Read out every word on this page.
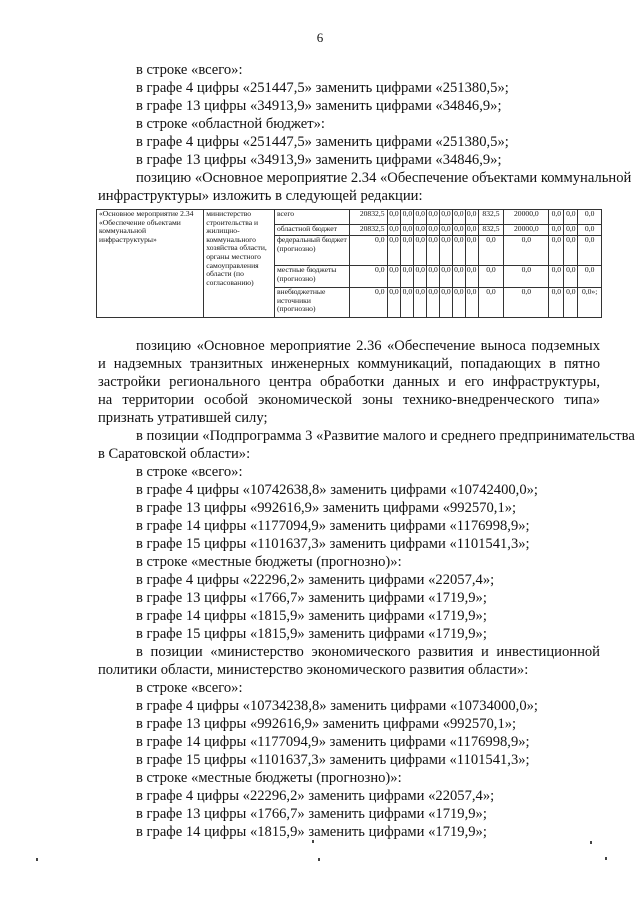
6
в строке «всего»:
в графе 4 цифры «251447,5» заменить цифрами «251380,5»;
в графе 13 цифры «34913,9» заменить цифрами «34846,9»;
в строке «областной бюджет»:
в графе 4 цифры «251447,5» заменить цифрами «251380,5»;
в графе 13 цифры «34913,9» заменить цифрами «34846,9»;
позицию «Основное мероприятие 2.34 «Обеспечение объектами коммунальной
инфраструктуры» изложить в следующей редакции:
«Основное мероприятие 2.34 «Обеспечение объектами коммунальной инфраструктуры»	министерство строительства и жилищно-коммунального хозяйства области, органы местного самоуправления области (по согласованию)	всего	20832,5	0,0	0,0	0,0	0,0	0,0	0,0	0,0	832,5	20000,0	0,0	0,0	0,0
		областной бюджет	20832,5	0,0	0,0	0,0	0,0	0,0	0,0	0,0	832,5	20000,0	0,0	0,0	0,0
		федеральный бюджет (прогнозно)	0,0	0,0	0,0	0,0	0,0	0,0	0,0	0,0	0,0	0,0	0,0	0,0	0,0
		местные бюджеты (прогнозно)	0,0	0,0	0,0	0,0	0,0	0,0	0,0	0,0	0,0	0,0	0,0	0,0	0,0
		внебюджетные источники (прогнозно)	0,0	0,0	0,0	0,0	0,0	0,0	0,0	0,0	0,0	0,0	0,0	0,0	0,0»;
позицию «Основное мероприятие 2.36 «Обеспечение выноса подземных
и надземных транзитных инженерных коммуникаций, попадающих в пятно
застройки регионального центра обработки данных и его инфраструктуры,
на территории особой экономической зоны технико-внедренческого типа»
признать утратившей силу;
в позиции «Подпрограмма 3 «Развитие малого и среднего предпринимательства
в Саратовской области»:
в строке «всего»:
в графе 4 цифры «10742638,8» заменить цифрами «10742400,0»;
в графе 13 цифры «992616,9» заменить цифрами «992570,1»;
в графе 14 цифры «1177094,9» заменить цифрами «1176998,9»;
в графе 15 цифры «1101637,3» заменить цифрами «1101541,3»;
в строке «местные бюджеты (прогнозно)»:
в графе 4 цифры «22296,2» заменить цифрами «22057,4»;
в графе 13 цифры «1766,7» заменить цифрами «1719,9»;
в графе 14 цифры «1815,9» заменить цифрами «1719,9»;
в графе 15 цифры «1815,9» заменить цифрами «1719,9»;
в позиции «министерство экономического развития и инвестиционной
политики области, министерство экономического развития области»:
в строке «всего»:
в графе 4 цифры «10734238,8» заменить цифрами «10734000,0»;
в графе 13 цифры «992616,9» заменить цифрами «992570,1»;
в графе 14 цифры «1177094,9» заменить цифрами «1176998,9»;
в графе 15 цифры «1101637,3» заменить цифрами «1101541,3»;
в строке «местные бюджеты (прогнозно)»:
в графе 4 цифры «22296,2» заменить цифрами «22057,4»;
в графе 13 цифры «1766,7» заменить цифрами «1719,9»;
в графе 14 цифры «1815,9» заменить цифрами «1719,9»;
